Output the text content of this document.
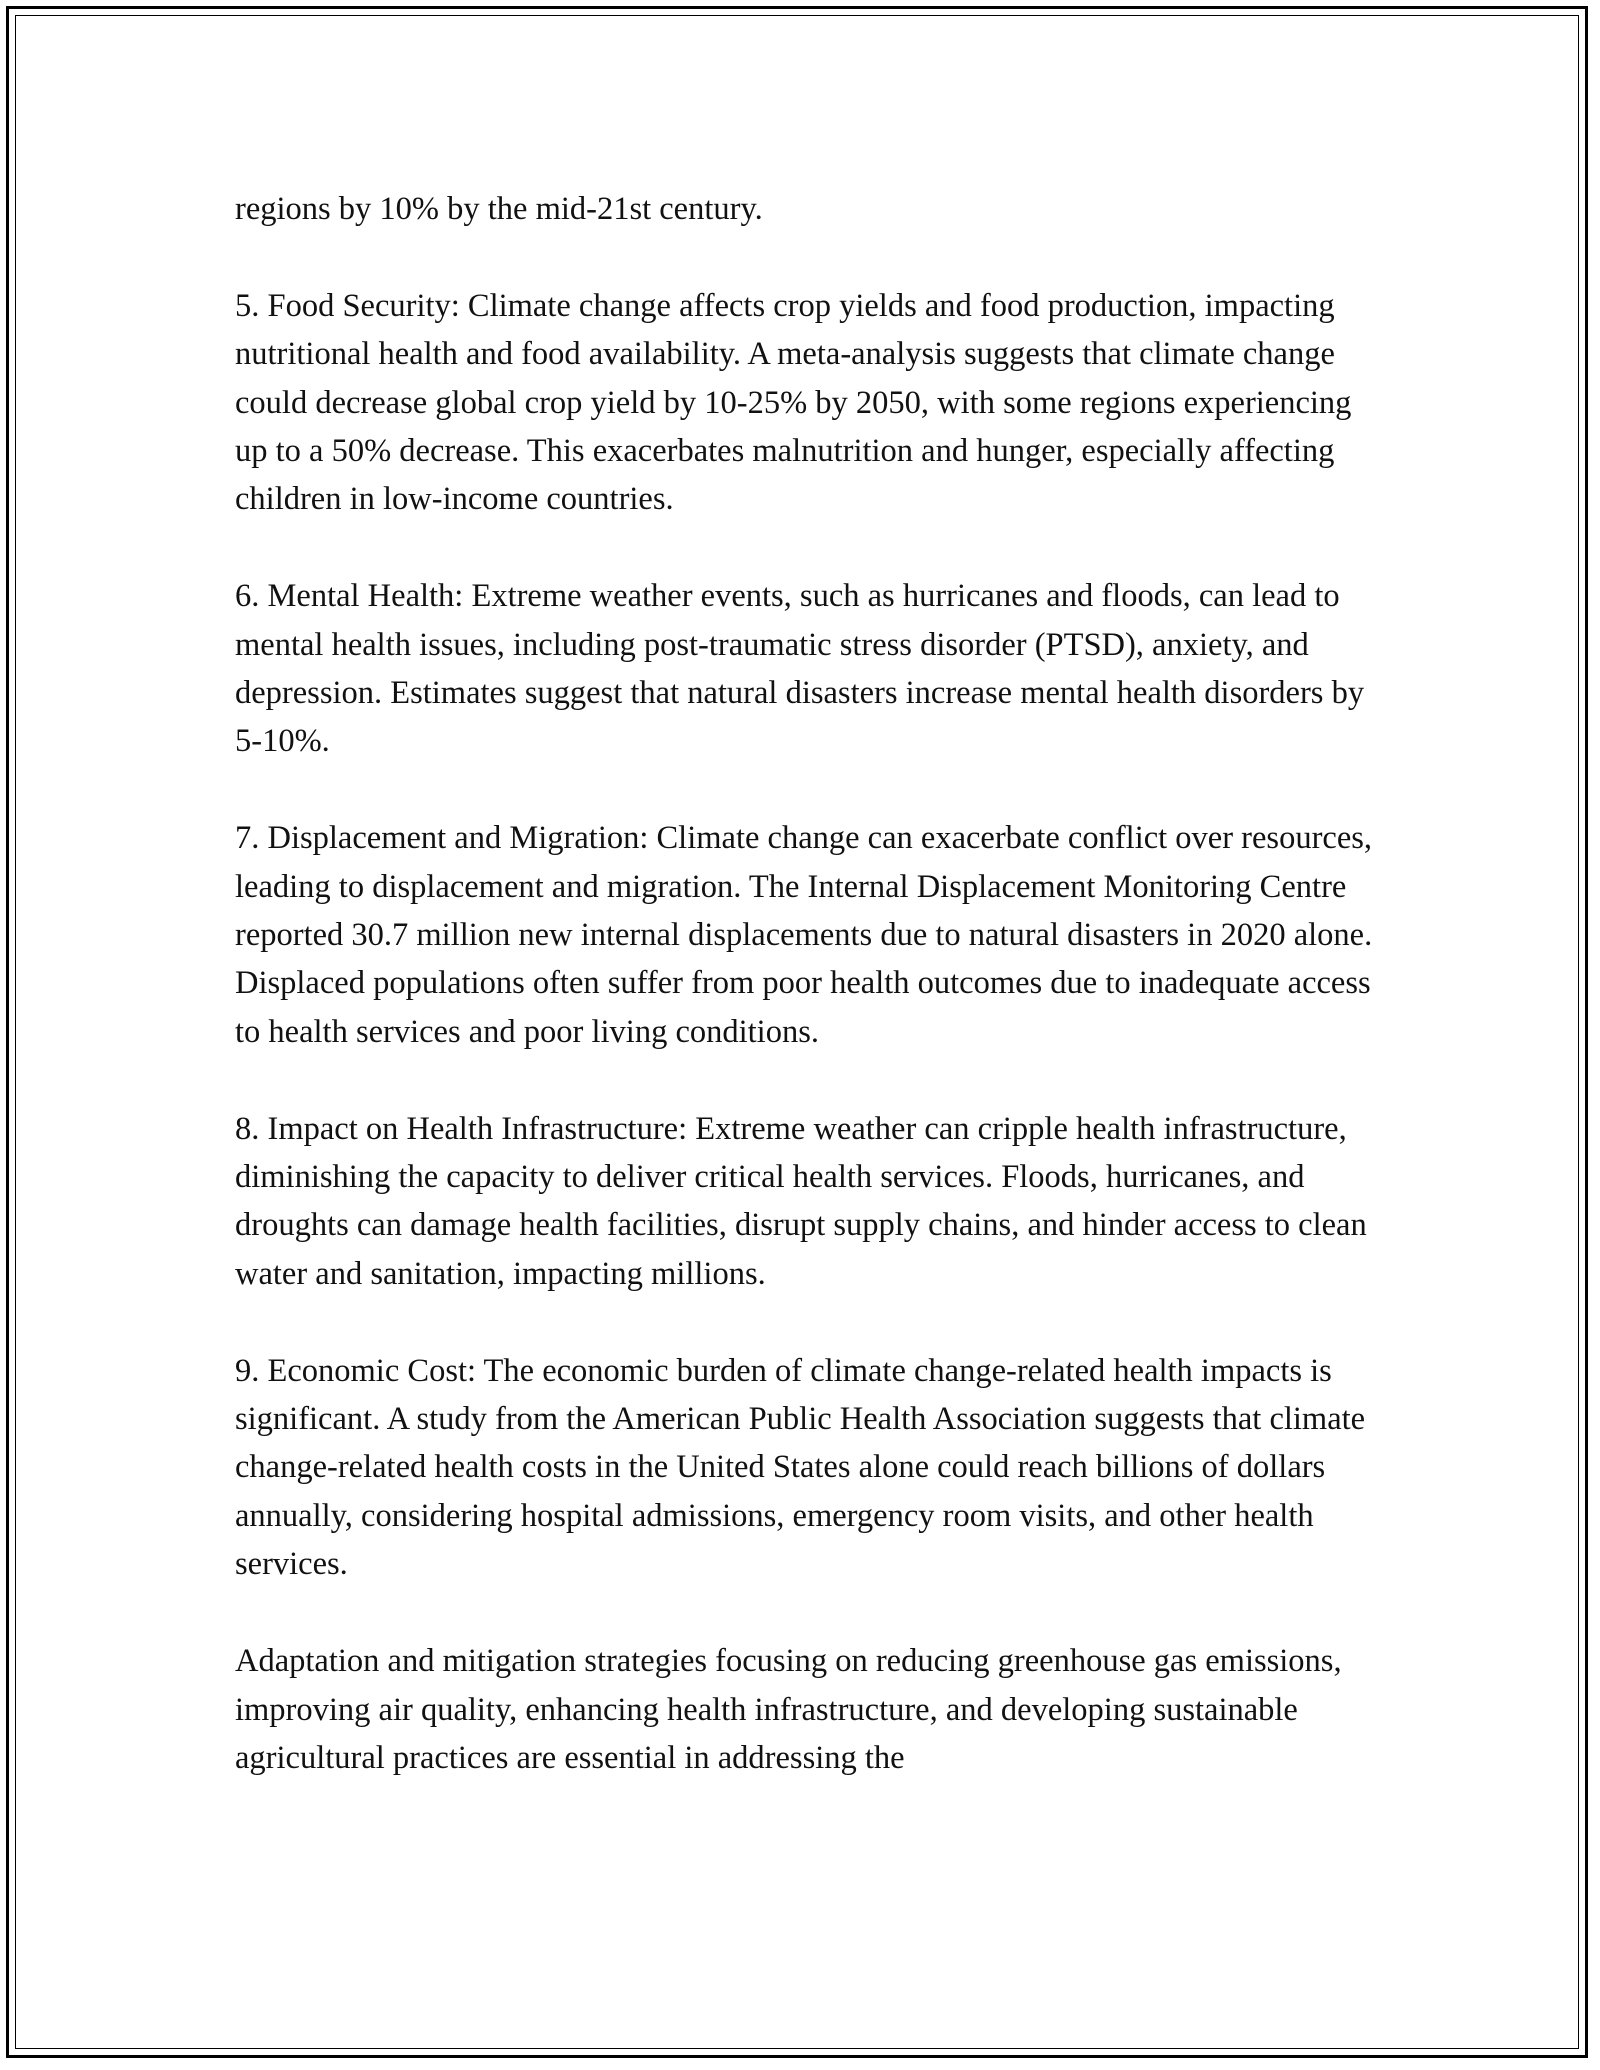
regions by 10% by the mid-21st century.

5. Food Security: Climate change affects crop yields and food production, impacting nutritional health and food availability. A meta-analysis suggests that climate change could decrease global crop yield by 10-25% by 2050, with some regions experiencing up to a 50% decrease. This exacerbates malnutrition and hunger, especially affecting children in low-income countries.

6. Mental Health: Extreme weather events, such as hurricanes and floods, can lead to mental health issues, including post-traumatic stress disorder (PTSD), anxiety, and depression. Estimates suggest that natural disasters increase mental health disorders by 5-10%.

7. Displacement and Migration: Climate change can exacerbate conflict over resources, leading to displacement and migration. The Internal Displacement Monitoring Centre reported 30.7 million new internal displacements due to natural disasters in 2020 alone. Displaced populations often suffer from poor health outcomes due to inadequate access to health services and poor living conditions.

8. Impact on Health Infrastructure: Extreme weather can cripple health infrastructure, diminishing the capacity to deliver critical health services. Floods, hurricanes, and droughts can damage health facilities, disrupt supply chains, and hinder access to clean water and sanitation, impacting millions.

9. Economic Cost: The economic burden of climate change-related health impacts is significant. A study from the American Public Health Association suggests that climate change-related health costs in the United States alone could reach billions of dollars annually, considering hospital admissions, emergency room visits, and other health services.

Adaptation and mitigation strategies focusing on reducing greenhouse gas emissions, improving air quality, enhancing health infrastructure, and developing sustainable agricultural practices are essential in addressing the
